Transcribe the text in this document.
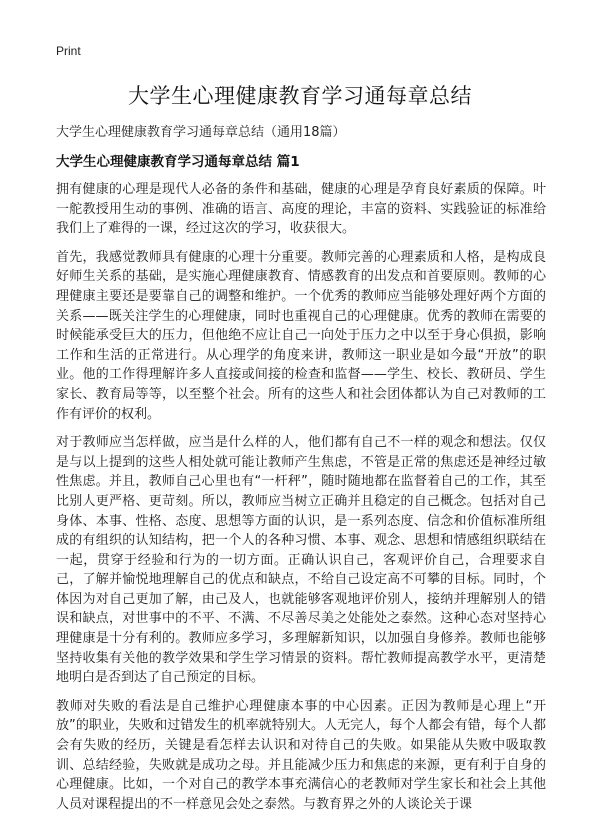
Print
大学生心理健康教育学习通每章总结
大学生心理健康教育学习通每章总结（通用18篇）
大学生心理健康教育学习通每章总结 篇1

拥有健康的心理是现代人必备的条件和基础，健康的心理是孕育良好素质的保障。叶一舵教授用生动的事例、准确的语言、高度的理论，丰富的资料、实践验证的标准给我们上了难得的一课，经过这次的学习，收获很大。

首先，我感觉教师具有健康的心理十分重要。教师完善的心理素质和人格，是构成良好师生关系的基础，是实施心理健康教育、情感教育的出发点和首要原则。教师的心理健康主要还是要靠自己的调整和维护。一个优秀的教师应当能够处理好两个方面的关系——既关注学生的心理健康，同时也重视自己的心理健康。优秀的教师在需要的时候能承受巨大的压力，但他绝不应让自己一向处于压力之中以至于身心俱损，影响工作和生活的正常进行。从心理学的角度来讲，教师这一职业是如今最“开放”的职业。他的工作得理解许多人直接或间接的检查和监督——学生、校长、教研员、学生家长、教育局等等，以至整个社会。所有的这些人和社会团体都认为自己对教师的工作有评价的权利。

对于教师应当怎样做，应当是什么样的人，他们都有自己不一样的观念和想法。仅仅是与以上提到的这些人相处就可能让教师产生焦虑，不管是正常的焦虑还是神经过敏性焦虑。并且，教师自己心里也有“一杆秤”，随时随地都在监督着自己的工作，其至比别人更严格、更苛刻。所以，教师应当树立正确并且稳定的自己概念。包括对自己身体、本事、性格、态度、思想等方面的认识，是一系列态度、信念和价值标准所组成的有组织的认知结构，把一个人的各种习惯、本事、观念、思想和情感组织联结在一起，贯穿于经验和行为的一切方面。正确认识自己，客观评价自己，合理要求自己，了解并愉悦地理解自己的优点和缺点，不给自己设定高不可攀的目标。同时，个体因为对自己更加了解，由己及人，也就能够客观地评价别人，接纳并理解别人的错误和缺点，对世事中的不平、不满、不尽善尽美之处能处之泰然。这种心态对坚持心理健康是十分有利的。教师应多学习，多理解新知识，以加强自身修养。教师也能够坚持收集有关他的教学效果和学生学习情景的资料。帮忙教师提高教学水平，更清楚地明白是否到达了自己预定的目标。

教师对失败的看法是自己维护心理健康本事的中心因素。正因为教师是心理上“开放”的职业，失败和过错发生的机率就特别大。人无完人，每个人都会有错，每个人都会有失败的经历，关键是看怎样去认识和对待自己的失败。如果能从失败中吸取教训、总结经验，失败就是成功之母。并且能减少压力和焦虑的来源，更有利于自身的心理健康。比如，一个对自己的教学本事充满信心的老教师对学生家长和社会上其他人员对课程提出的不一样意见会处之泰然。与教育界之外的人谈论关于课
